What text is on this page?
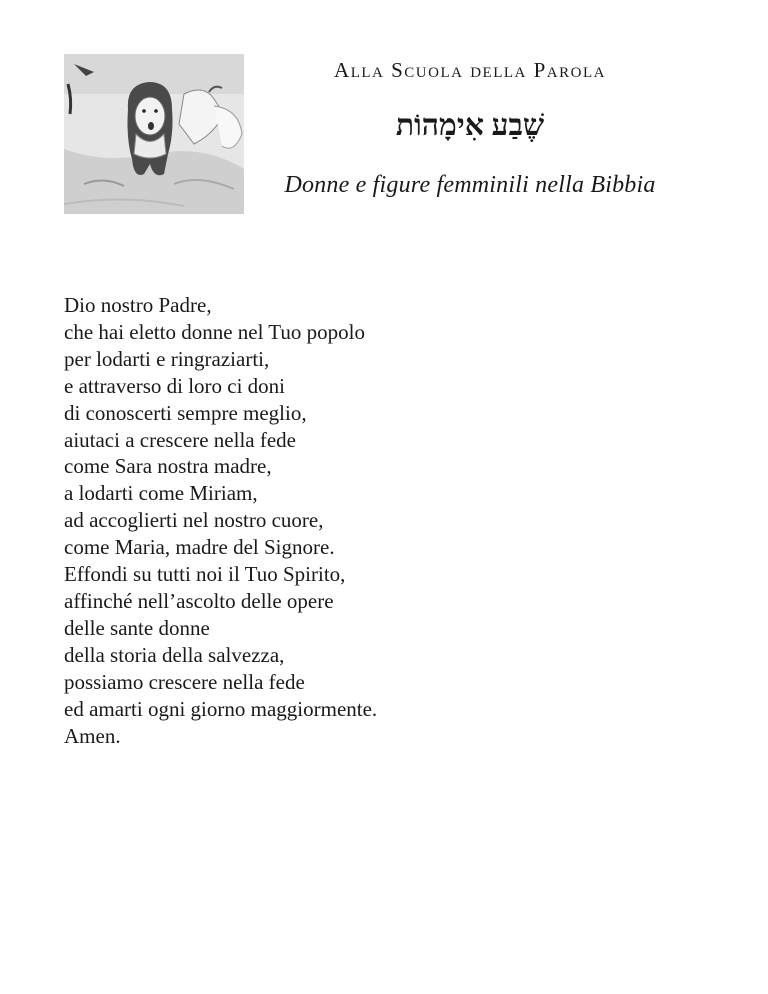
Alla Scuola della Parola
שֶׁבַע אִימָהוֹת
Donne e figure femminili nella Bibbia
Dio nostro Padre,
che hai eletto donne nel Tuo popolo
per lodarti e ringraziarti,
e attraverso di loro ci doni
di conoscerti sempre meglio,
aiutaci a crescere nella fede
come Sara nostra madre,
a lodarti come Miriam,
ad accoglierti nel nostro cuore,
come Maria, madre del Signore.
Effondi su tutti noi il Tuo Spirito,
affinché nell’ascolto delle opere
delle sante donne
della storia della salvezza,
possiamo crescere nella fede
ed amarti ogni giorno maggiormente.
Amen.
